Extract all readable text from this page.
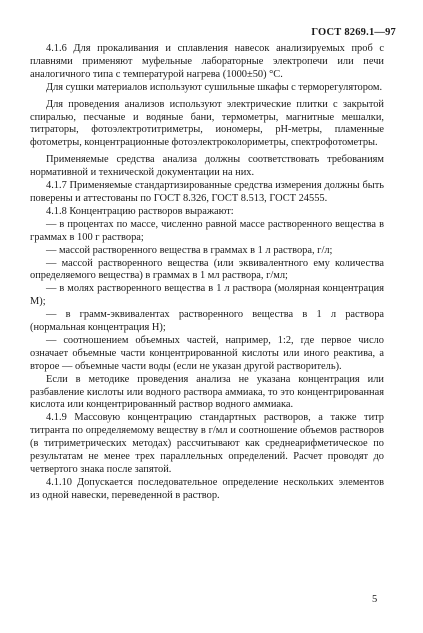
ГОСТ 8269.1—97

4.1.6 Для прокаливания и сплавления навесок анализируемых проб с плавнями применяют муфельные лабораторные электропечи или печи аналогичного типа с температурой нагрева (1000±50) °С.

Для сушки материалов используют сушильные шкафы с терморегулятором.

Для проведения анализов используют электрические плитки с закрытой спиралью, песчаные и водяные бани, термометры, магнитные мешалки, титраторы, фотоэлектротитриметры, иономеры, pH-метры, пламенные фотометры, концентрационные фотоэлектроколориметры, спектрофотометры.

Применяемые средства анализа должны соответствовать требованиям нормативной и технической документации на них.

4.1.7 Применяемые стандартизированные средства измерения должны быть поверены и аттестованы по ГОСТ 8.326, ГОСТ 8.513, ГОСТ 24555.

4.1.8 Концентрацию растворов выражают:

— в процентах по массе, численно равной массе растворенного вещества в граммах в 100 г раствора;

— массой растворенного вещества в граммах в 1 л раствора, г/л;

— массой растворенного вещества (или эквивалентного ему количества определяемого вещества) в граммах в 1 мл раствора, г/мл;

— в молях растворенного вещества в 1 л раствора (молярная концентрация М);

— в грамм-эквивалентах растворенного вещества в 1 л раствора (нормальная концентрация Н);

— соотношением объемных частей, например, 1:2, где первое число означает объемные части концентрированной кислоты или иного реактива, а второе — объемные части воды (если не указан другой растворитель).

Если в методике проведения анализа не указана концентрация или разбавление кислоты или водного раствора аммиака, то это концентрированная кислота или концентрированный раствор водного аммиака.

4.1.9 Массовую концентрацию стандартных растворов, а также титр титранта по определяемому веществу в г/мл и соотношение объемов растворов (в титриметрических методах) рассчитывают как среднеарифметическое по результатам не менее трех параллельных определений. Расчет проводят до четвертого знака после запятой.

4.1.10 Допускается последовательное определение нескольких элементов из одной навески, переведенной в раствор.

5
